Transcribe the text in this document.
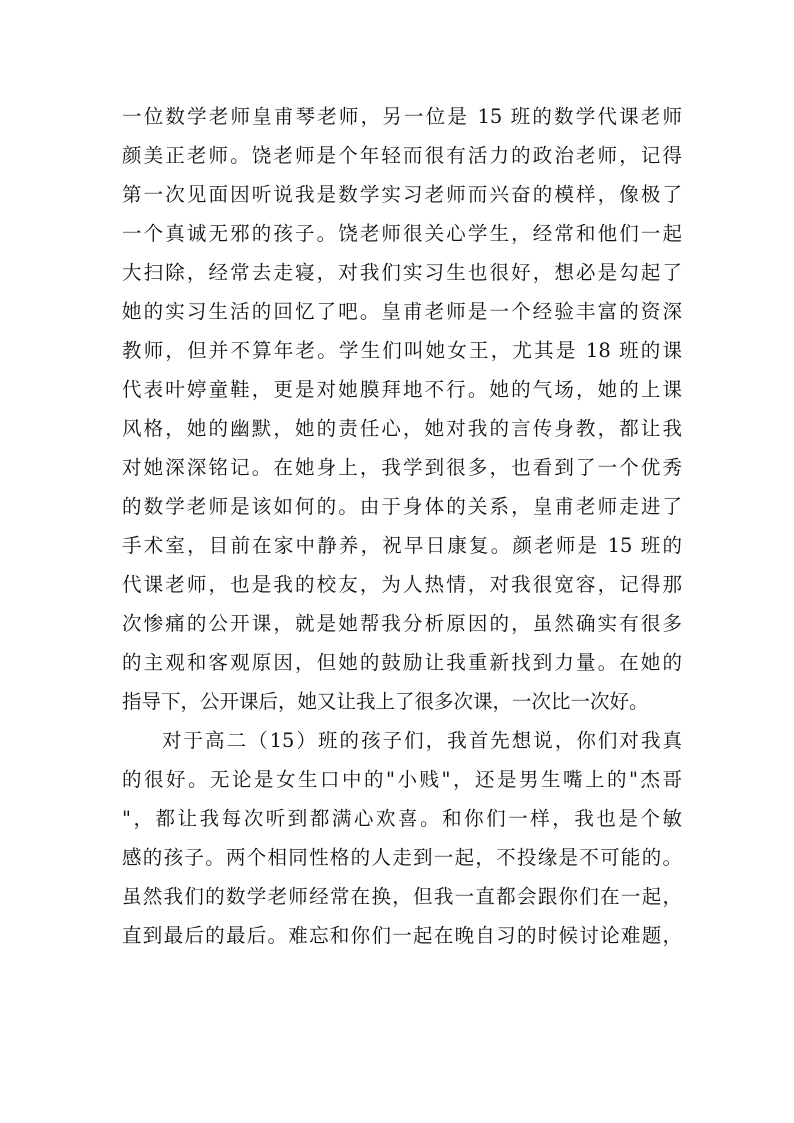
一位数学老师皇甫琴老师，另一位是 15 班的数学代课老师
颜美正老师。饶老师是个年轻而很有活力的政治老师，记得
第一次见面因听说我是数学实习老师而兴奋的模样，像极了
一个真诚无邪的孩子。饶老师很关心学生，经常和他们一起
大扫除，经常去走寝，对我们实习生也很好，想必是勾起了
她的实习生活的回忆了吧。皇甫老师是一个经验丰富的资深
教师，但并不算年老。学生们叫她女王，尤其是 18 班的课
代表叶婷童鞋，更是对她膜拜地不行。她的气场，她的上课
风格，她的幽默，她的责任心，她对我的言传身教，都让我
对她深深铭记。在她身上，我学到很多，也看到了一个优秀
的数学老师是该如何的。由于身体的关系，皇甫老师走进了
手术室，目前在家中静养，祝早日康复。颜老师是 15 班的
代课老师，也是我的校友，为人热情，对我很宽容，记得那
次惨痛的公开课，就是她帮我分析原因的，虽然确实有很多
的主观和客观原因，但她的鼓励让我重新找到力量。在她的
指导下，公开课后，她又让我上了很多次课，一次比一次好。
对于高二（15）班的孩子们，我首先想说，你们对我真
的很好。无论是女生口中的"小贱"，还是男生嘴上的"杰哥
"，都让我每次听到都满心欢喜。和你们一样，我也是个敏
感的孩子。两个相同性格的人走到一起，不投缘是不可能的。
虽然我们的数学老师经常在换，但我一直都会跟你们在一起，
直到最后的最后。难忘和你们一起在晚自习的时候讨论难题，
